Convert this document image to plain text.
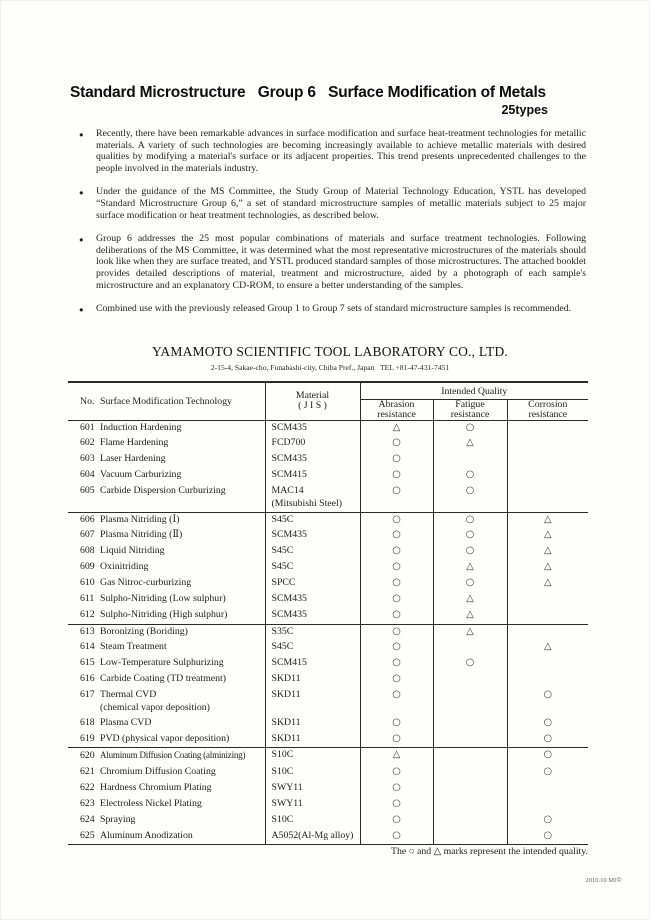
Standard Microstructure   Group 6   Surface Modification of Metals
25types
● Recently, there have been remarkable advances in surface modification and surface heat-treatment technologies for metallic materials. A variety of such technologies are becoming increasingly available to achieve metallic materials with desired qualities by modifying a material's surface or its adjacent properties. This trend presents unprecedented challenges to the people involved in the materials industry.
● Under the guidance of the MS Committee, the Study Group of Material Technology Education, YSTL has developed “Standard Microstructure Group 6,” a set of standard microstructure samples of metallic materials subject to 25 major surface modification or heat treatment technologies, as described below.
● Group 6 addresses the 25 most popular combinations of materials and surface treatment technologies. Following deliberations of the MS Committee, it was determined what the most representative microstructures of the materials should look like when they are surface treated, and YSTL produced standard samples of those microstructures. The attached booklet provides detailed descriptions of material, treatment and microstructure, aided by a photograph of each sample's microstructure and an explanatory CD-ROM, to ensure a better understanding of the samples.
● Combined use with the previously released Group 1 to Group 7 sets of standard microstructure samples is recommended.
YAMAMOTO SCIENTIFIC TOOL LABORATORY CO., LTD.
2-15-4, Sakae-cho, Funabashi-city, Chiba Pref., Japan   TEL +81-47-431-7451
No. Surface Modification Technology

Material
( J I S )
	Intended Quality

Abrasion
resistance

Fatigue
resistance

Corrosion
resistance

601 Induction Hardening	SCM435	△	○	
602 Flame Hardening	FCD700	○	△	
603 Laser Hardening	SCM435	○		
604 Vacuum Carburizing	SCM415	○	○	
605 Carbide Dispersion Curburizing	MAC14
(Mitsubishi Steel)	○	○	
606 Plasma Nitriding (Ⅰ)	S45C	○	○	△
607 Plasma Nitriding (Ⅱ)	SCM435	○	○	△
608 Liquid Nitriding	S45C	○	○	△
609 Oxinitriding	S45C	○	△	△
610 Gas Nitroc-curburizing	SPCC	○	○	△
611 Sulpho-Nitriding (Low sulphur)	SCM435	○	△	
612 Sulpho-Nitriding (High sulphur)	SCM435	○	△	
613 Boronizing (Boriding)	S35C	○	△	
614 Steam Treatment	S45C	○		△
615 Low-Temperature Sulphurizing	SCM415	○	○	
616 Carbide Coating (TD treatment)	SKD11	○		
617 Thermal CVD
(chemical vapor deposition)	SKD11	○		○
618 Plasma CVD	SKD11	○		○
619 PVD (physical vapor deposition)	SKD11	○		○
620 Aluminum Diffusion Coating (alminizing)	S10C	△		○
621 Chromium Diffusion Coating	S10C	○		○
622 Hardness Chromium Plating	SWY11	○		
623 Electroless Nickel Plating	SWY11	○		
624 Spraying	S10C	○		○
625 Aluminum Anodization	A5052(Al-Mg alloy)	○		○
The ○ and △ marks represent the intended quality.
2010.10 MI①
